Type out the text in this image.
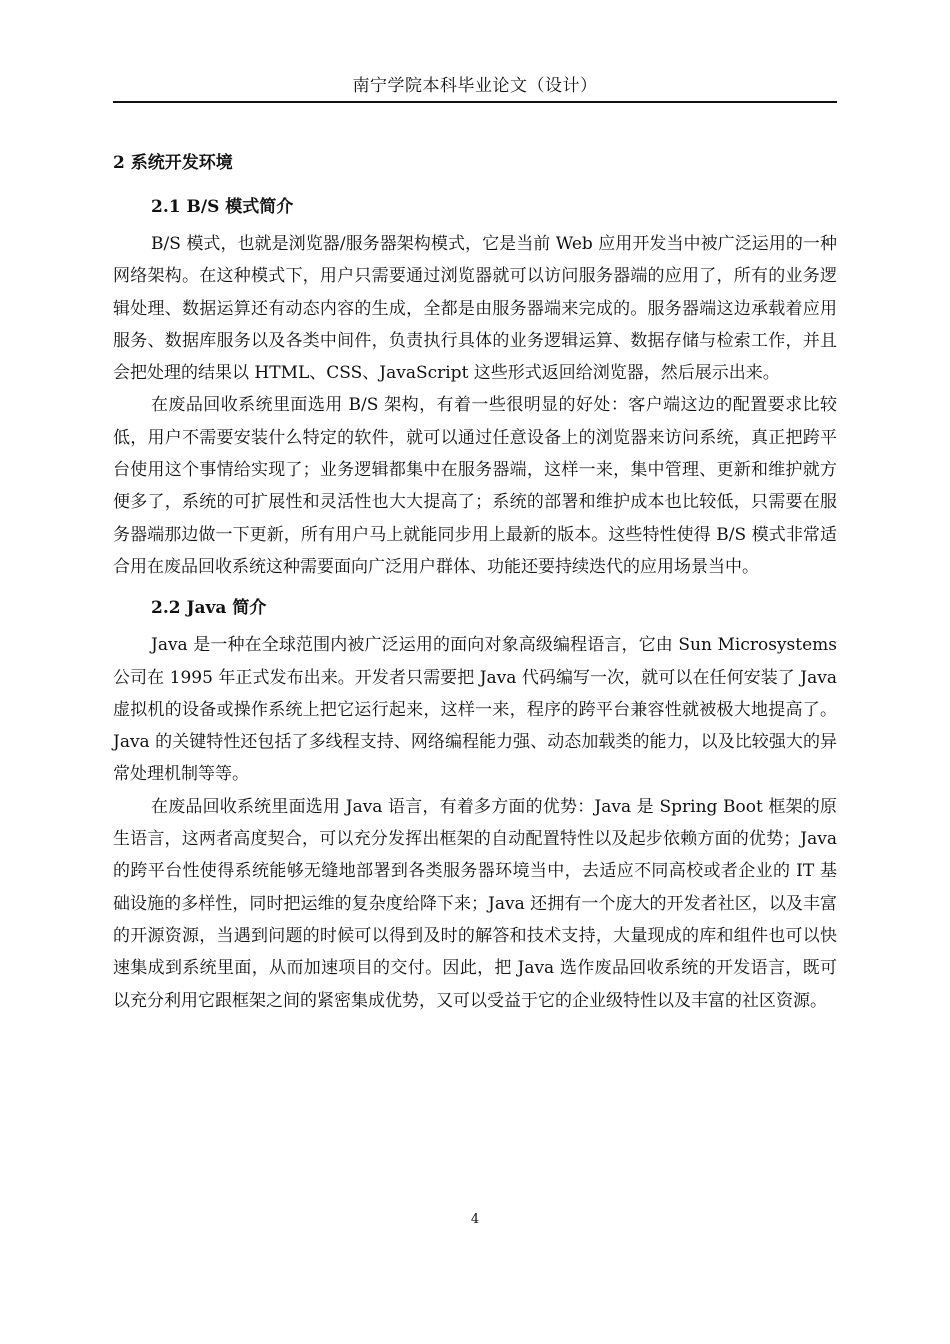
南宁学院本科毕业论文（设计）
2 系统开发环境
2.1 B/S 模式简介

B/S 模式，也就是浏览器/服务器架构模式，它是当前 Web 应用开发当中被广泛运用的一种网络架构。在这种模式下，用户只需要通过浏览器就可以访问服务器端的应用了，所有的业务逻辑处理、数据运算还有动态内容的生成，全都是由服务器端来完成的。服务器端这边承载着应用服务、数据库服务以及各类中间件，负责执行具体的业务逻辑运算、数据存储与检索工作，并且会把处理的结果以 HTML、CSS、JavaScript 这些形式返回给浏览器，然后展示出来。

在废品回收系统里面选用 B/S 架构，有着一些很明显的好处：客户端这边的配置要求比较低，用户不需要安装什么特定的软件，就可以通过任意设备上的浏览器来访问系统，真正把跨平台使用这个事情给实现了；业务逻辑都集中在服务器端，这样一来，集中管理、更新和维护就方便多了，系统的可扩展性和灵活性也大大提高了；系统的部署和维护成本也比较低，只需要在服务器端那边做一下更新，所有用户马上就能同步用上最新的版本。这些特性使得 B/S 模式非常适合用在废品回收系统这种需要面向广泛用户群体、功能还要持续迭代的应用场景当中。

2.2 Java 简介

Java 是一种在全球范围内被广泛运用的面向对象高级编程语言，它由 Sun Microsystems 公司在 1995 年正式发布出来。开发者只需要把 Java 代码编写一次，就可以在任何安装了 Java 虚拟机的设备或操作系统上把它运行起来，这样一来，程序的跨平台兼容性就被极大地提高了。Java 的关键特性还包括了多线程支持、网络编程能力强、动态加载类的能力，以及比较强大的异常处理机制等等。

在废品回收系统里面选用 Java 语言，有着多方面的优势：Java 是 Spring Boot 框架的原生语言，这两者高度契合，可以充分发挥出框架的自动配置特性以及起步依赖方面的优势；Java 的跨平台性使得系统能够无缝地部署到各类服务器环境当中，去适应不同高校或者企业的 IT 基础设施的多样性，同时把运维的复杂度给降下来；Java 还拥有一个庞大的开发者社区，以及丰富的开源资源，当遇到问题的时候可以得到及时的解答和技术支持，大量现成的库和组件也可以快速集成到系统里面，从而加速项目的交付。因此，把 Java 选作废品回收系统的开发语言，既可以充分利用它跟框架之间的紧密集成优势，又可以受益于它的企业级特性以及丰富的社区资源。

4
